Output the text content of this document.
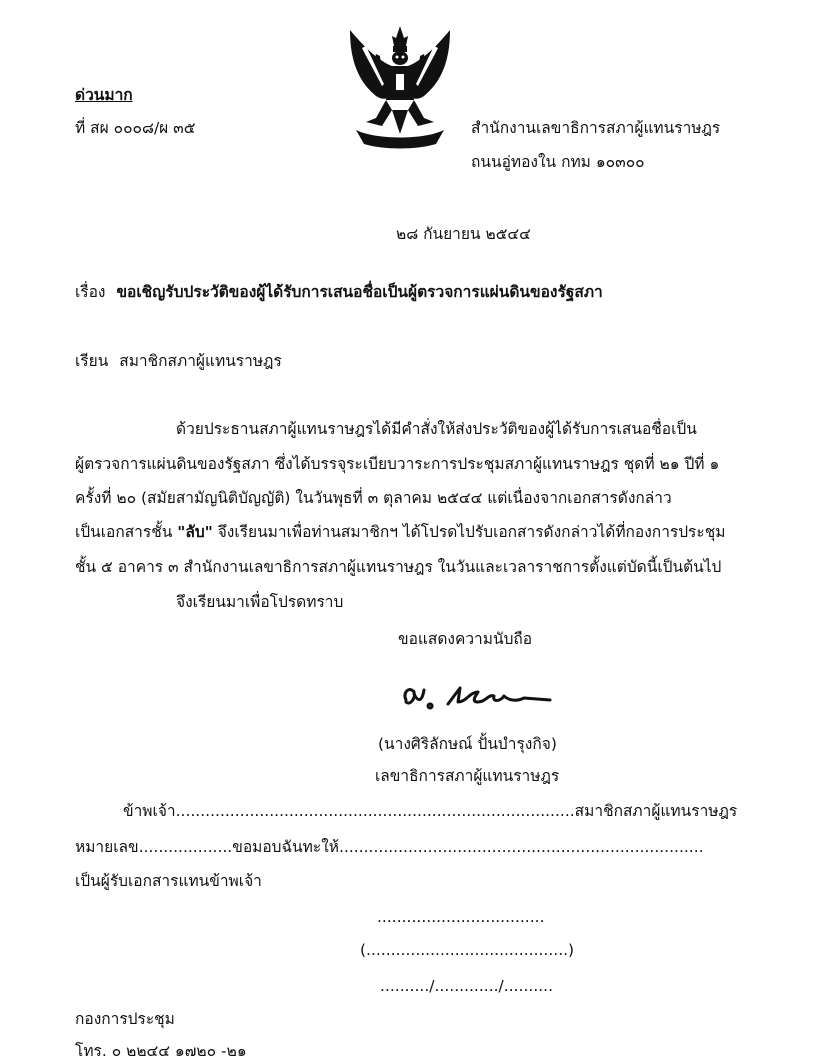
ด่วนมาก
ที่ สผ ๐๐๐๘/ผ ๓๕	สำนักงานเลขาธิการสภาผู้แทนราษฎร
ถนนอู่ทองใน กทม ๑๐๓๐๐
๒๘ กันยายน ๒๕๔๔
เรื่อง ขอเชิญรับประวัติของผู้ได้รับการเสนอชื่อเป็นผู้ตรวจการแผ่นดินของรัฐสภา
เรียน สมาชิกสภาผู้แทนราษฎร
ด้วยประธานสภาผู้แทนราษฎรได้มีคำสั่งให้ส่งประวัติของผู้ได้รับการเสนอชื่อเป็น
ผู้ตรวจการแผ่นดินของรัฐสภา ซึ่งได้บรรจุระเบียบวาระการประชุมสภาผู้แทนราษฎร ชุดที่ ๒๑ ปีที่ ๑
ครั้งที่ ๒๐ (สมัยสามัญนิติบัญญัติ) ในวันพุธที่ ๓ ตุลาคม ๒๕๔๔ แต่เนื่องจากเอกสารดังกล่าว
เป็นเอกสารชั้น "ลับ" จึงเรียนมาเพื่อท่านสมาชิกฯ ได้โปรดไปรับเอกสารดังกล่าวได้ที่กองการประชุม
ชั้น ๕ อาคาร ๓ สำนักงานเลขาธิการสภาผู้แทนราษฎร ในวันและเวลาราชการตั้งแต่บัดนี้เป็นต้นไป
จึงเรียนมาเพื่อโปรดทราบ
ขอแสดงความนับถือ
(นางศิริลักษณ์ ปั้นบำรุงกิจ)
เลขาธิการสภาผู้แทนราษฎร
ข้าพเจ้า.................................................................................สมาชิกสภาผู้แทนราษฎร
หมายเลข...................ขอมอบฉันทะให้..........................................................................
เป็นผู้รับเอกสารแทนข้าพเจ้า
..................................
(.........................................)
........../............./..........
กองการประชุม
โทร. ๐ ๒๒๔๔ ๑๗๒๐ -๒๑
